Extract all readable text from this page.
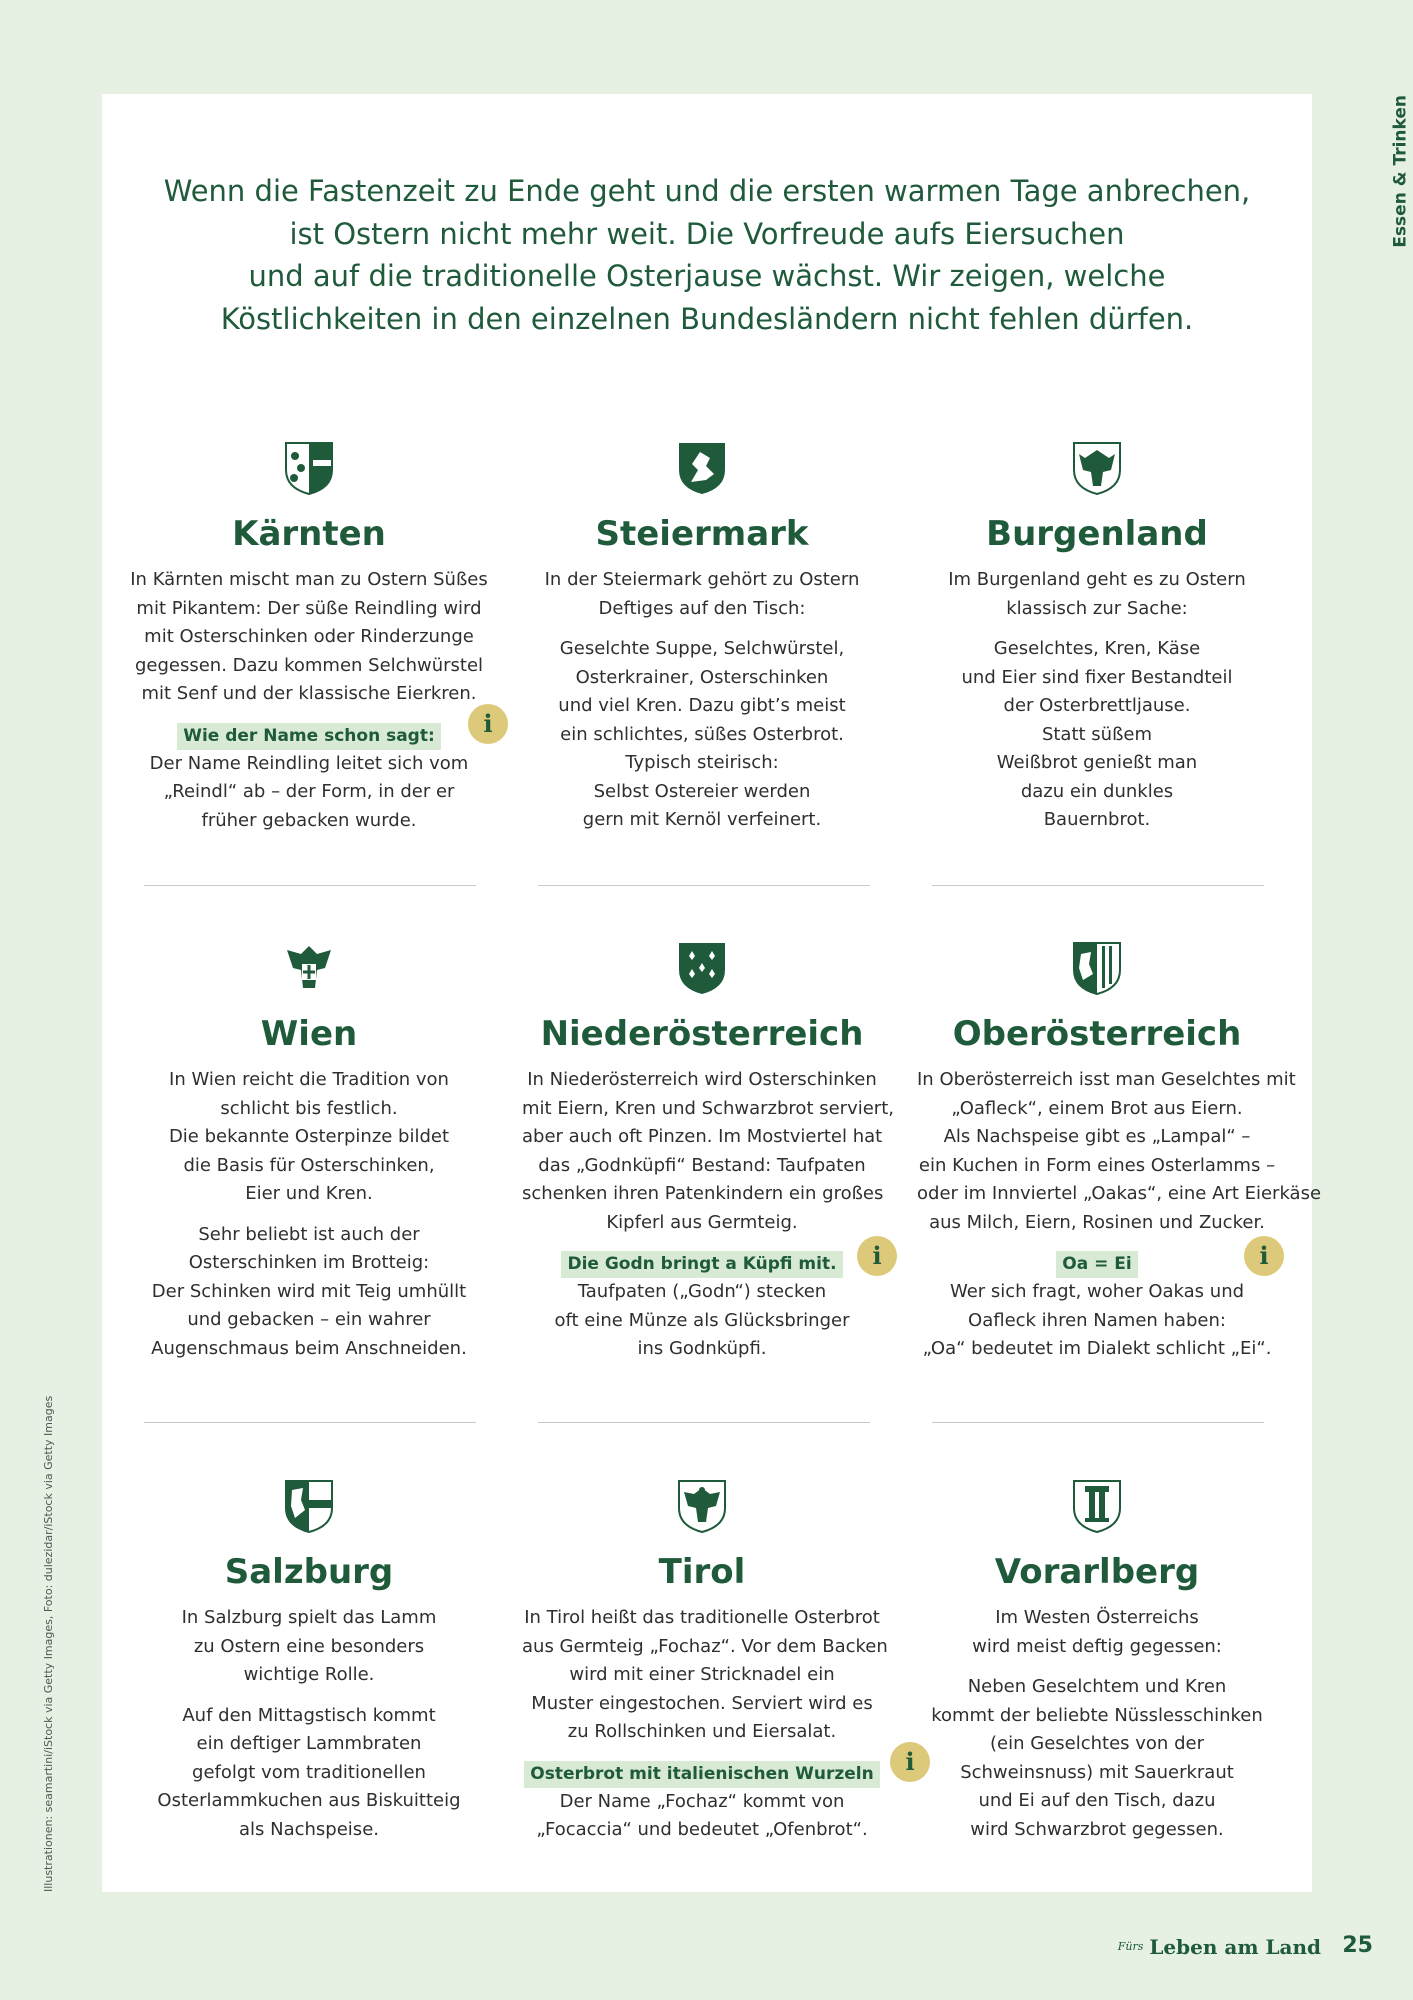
Wenn die Fastenzeit zu Ende geht und die ersten warmen Tage anbrechen,
ist Ostern nicht mehr weit. Die Vorfreude aufs Eiersuchen
und auf die traditionelle Osterjause wächst. Wir zeigen, welche
Köstlichkeiten in den einzelnen Bundesländern nicht fehlen dürfen.
Kärnten

In Kärnten mischt man zu Ostern Süßes
mit Pikantem: Der süße Reindling wird
mit Osterschinken oder Rinderzunge
gegessen. Dazu kommen Selchwürstel
mit Senf und der klassische Eierkren.

Wie der Name schon sagt:

Der Name Reindling leitet sich vom
„Reindl“ ab – der Form, in der er
früher gebacken wurde.

i
Steiermark

In der Steiermark gehört zu Ostern
Deftiges auf den Tisch:

Geselchte Suppe, Selchwürstel,
Osterkrainer, Osterschinken
und viel Kren. Dazu gibt’s meist
ein schlichtes, süßes Osterbrot.
Typisch steirisch:
Selbst Ostereier werden
gern mit Kernöl verfeinert.

Burgenland

Im Burgenland geht es zu Ostern
klassisch zur Sache:

Geselchtes, Kren, Käse
und Eier sind fixer Bestandteil
der Osterbrettljause.
Statt süßem
Weißbrot genießt man
dazu ein dunkles
Bauernbrot.

Wien

In Wien reicht die Tradition von
schlicht bis festlich.
Die bekannte Osterpinze bildet
die Basis für Osterschinken,
Eier und Kren.

Sehr beliebt ist auch der
Osterschinken im Brotteig:
Der Schinken wird mit Teig umhüllt
und gebacken – ein wahrer
Augenschmaus beim Anschneiden.

Niederösterreich

In Niederösterreich wird Osterschinken
mit Eiern, Kren und Schwarzbrot serviert,
aber auch oft Pinzen. Im Mostviertel hat
das „Godnküpfi“ Bestand: Taufpaten
schenken ihren Patenkindern ein großes
Kipferl aus Germteig.

Die Godn bringt a Küpfi mit.

Taufpaten („Godn“) stecken
oft eine Münze als Glücksbringer
ins Godnküpfi.

i
Oberösterreich

In Oberösterreich isst man Geselchtes mit
„Oafleck“, einem Brot aus Eiern.
Als Nachspeise gibt es „Lampal“ –
ein Kuchen in Form eines Osterlamms –
oder im Innviertel „Oakas“, eine Art Eierkäse
aus Milch, Eiern, Rosinen und Zucker.

Oa = Ei

Wer sich fragt, woher Oakas und
Oafleck ihren Namen haben:
„Oa“ bedeutet im Dialekt schlicht „Ei“.

i
Salzburg

In Salzburg spielt das Lamm
zu Ostern eine besonders
wichtige Rolle.

Auf den Mittagstisch kommt
ein deftiger Lammbraten
gefolgt vom traditionellen
Osterlammkuchen aus Biskuitteig
als Nachspeise.

Tirol

In Tirol heißt das traditionelle Osterbrot
aus Germteig „Fochaz“. Vor dem Backen
wird mit einer Stricknadel ein
Muster eingestochen. Serviert wird es
zu Rollschinken und Eiersalat.

Osterbrot mit italienischen Wurzeln

Der Name „Fochaz“ kommt von
„Focaccia“ und bedeutet „Ofenbrot“.

i
Vorarlberg

Im Westen Österreichs
wird meist deftig gegessen:

Neben Geselchtem und Kren
kommt der beliebte Nüsslesschinken
(ein Geselchtes von der
Schweinsnuss) mit Sauerkraut
und Ei auf den Tisch, dazu
wird Schwarzbrot gegessen.

Essen & Trinken
Illustrationen: seamartini/iStock via Getty Images, Foto: dulezidar/iStock via Getty Images
$^{Fürs}$ Leben am Land 25
